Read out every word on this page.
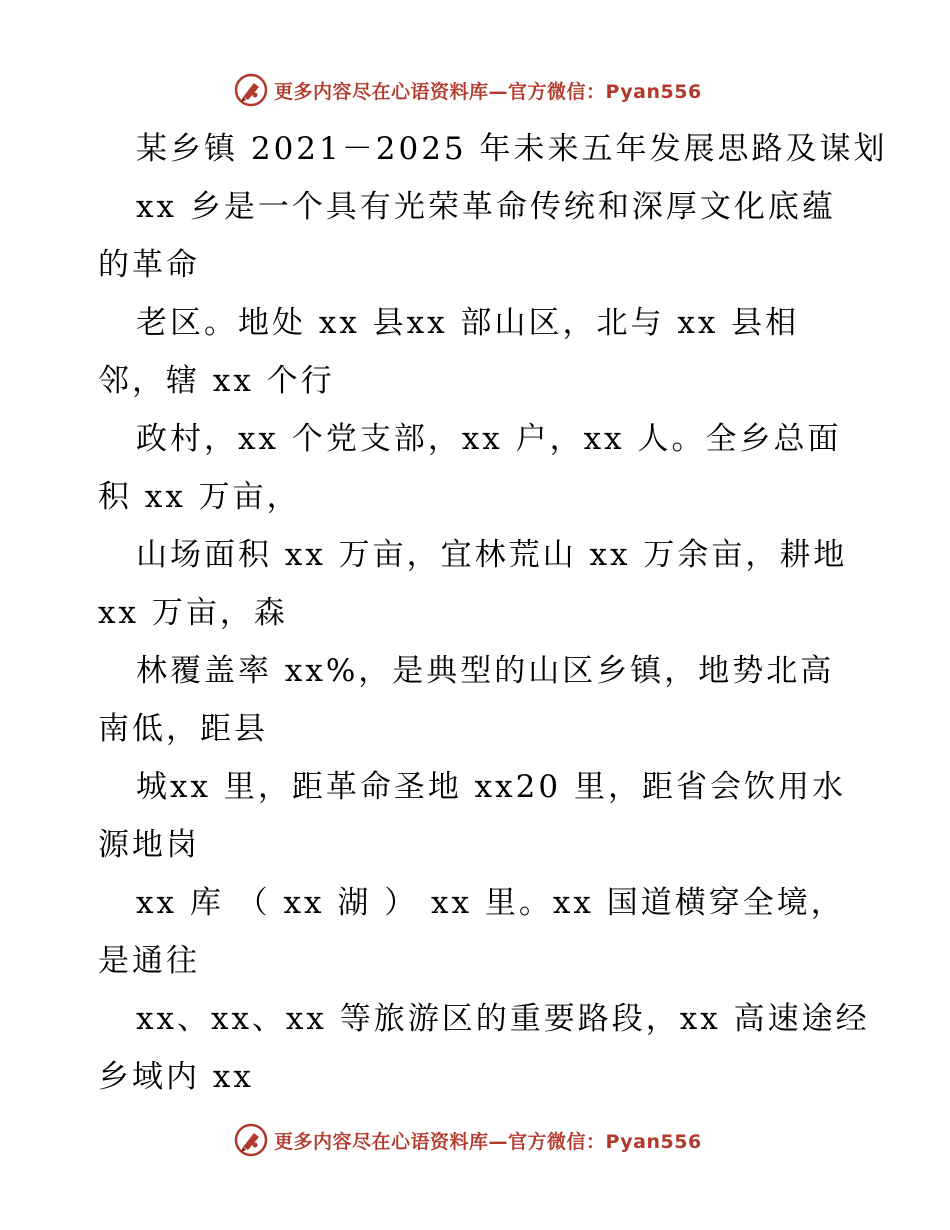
更多内容尽在心语资料库—官方微信：Pyan556
某乡镇 2021－2025 年未来五年发展思路及谋划
xx 乡是一个具有光荣革命传统和深厚文化底蕴
的革命
老区。地处 xx 县xx 部山区，北与 xx 县相
邻，辖 xx 个行
政村，xx 个党支部，xx 户，xx 人。全乡总面
积 xx 万亩，
山场面积 xx 万亩，宜林荒山 xx 万余亩，耕地
xx 万亩，森
林覆盖率 xx%，是典型的山区乡镇，地势北高
南低，距县
城xx 里，距革命圣地 xx20 里，距省会饮用水
源地岗
xx 库 （ xx 湖 ） xx 里。xx 国道横穿全境，
是通往
xx、xx、xx 等旅游区的重要路段，xx 高速途经
乡域内 xx
更多内容尽在心语资料库—官方微信：Pyan556
